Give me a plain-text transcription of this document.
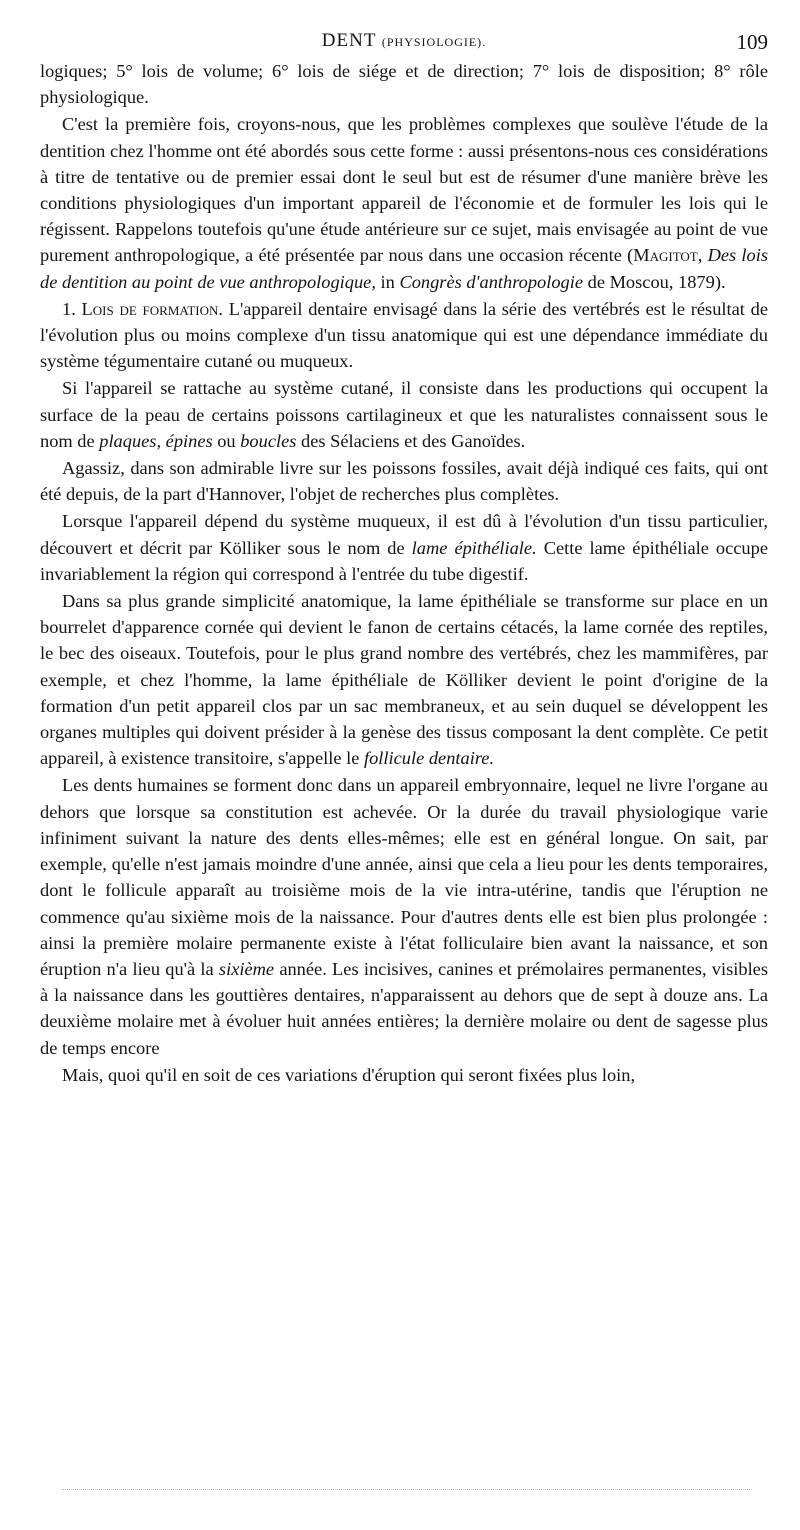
DENT (PHYSIOLOGIE).	109

logiques; 5° lois de volume; 6° lois de siége et de direction; 7° lois de disposition; 8° rôle physiologique.

C'est la première fois, croyons-nous, que les problèmes complexes que soulève l'étude de la dentition chez l'homme ont été abordés sous cette forme : aussi présentons-nous ces considérations à titre de tentative ou de premier essai dont le seul but est de résumer d'une manière brève les conditions physiologiques d'un important appareil de l'économie et de formuler les lois qui le régissent. Rappelons toutefois qu'une étude antérieure sur ce sujet, mais envisagée au point de vue purement anthropologique, a été présentée par nous dans une occasion récente (Magitot, Des lois de dentition au point de vue anthropologique, in Congrès d'anthropologie de Moscou, 1879).

1. Lois de formation. L'appareil dentaire envisagé dans la série des vertébrés est le résultat de l'évolution plus ou moins complexe d'un tissu anatomique qui est une dépendance immédiate du système tégumentaire cutané ou muqueux.

Si l'appareil se rattache au système cutané, il consiste dans les productions qui occupent la surface de la peau de certains poissons cartilagineux et que les naturalistes connaissent sous le nom de plaques, épines ou boucles des Sélaciens et des Ganoïdes.

Agassiz, dans son admirable livre sur les poissons fossiles, avait déjà indiqué ces faits, qui ont été depuis, de la part d'Hannover, l'objet de recherches plus complètes.

Lorsque l'appareil dépend du système muqueux, il est dû à l'évolution d'un tissu particulier, découvert et décrit par Kölliker sous le nom de lame épithéliale. Cette lame épithéliale occupe invariablement la région qui correspond à l'entrée du tube digestif.

Dans sa plus grande simplicité anatomique, la lame épithéliale se transforme sur place en un bourrelet d'apparence cornée qui devient le fanon de certains cétacés, la lame cornée des reptiles, le bec des oiseaux. Toutefois, pour le plus grand nombre des vertébrés, chez les mammifères, par exemple, et chez l'homme, la lame épithéliale de Kölliker devient le point d'origine de la formation d'un petit appareil clos par un sac membraneux, et au sein duquel se développent les organes multiples qui doivent présider à la genèse des tissus composant la dent complète. Ce petit appareil, à existence transitoire, s'appelle le follicule dentaire.

Les dents humaines se forment donc dans un appareil embryonnaire, lequel ne livre l'organe au dehors que lorsque sa constitution est achevée. Or la durée du travail physiologique varie infiniment suivant la nature des dents elles-mêmes; elle est en général longue. On sait, par exemple, qu'elle n'est jamais moindre d'une année, ainsi que cela a lieu pour les dents temporaires, dont le follicule apparaît au troisième mois de la vie intra-utérine, tandis que l'éruption ne commence qu'au sixième mois de la naissance. Pour d'autres dents elle est bien plus prolongée : ainsi la première molaire permanente existe à l'état folliculaire bien avant la naissance, et son éruption n'a lieu qu'à la sixième année. Les incisives, canines et prémolaires permanentes, visibles à la naissance dans les gouttières dentaires, n'apparaissent au dehors que de sept à douze ans. La deuxième molaire met à évoluer huit années entières; la dernière molaire ou dent de sagesse plus de temps encore

Mais, quoi qu'il en soit de ces variations d'éruption qui seront fixées plus loin,
